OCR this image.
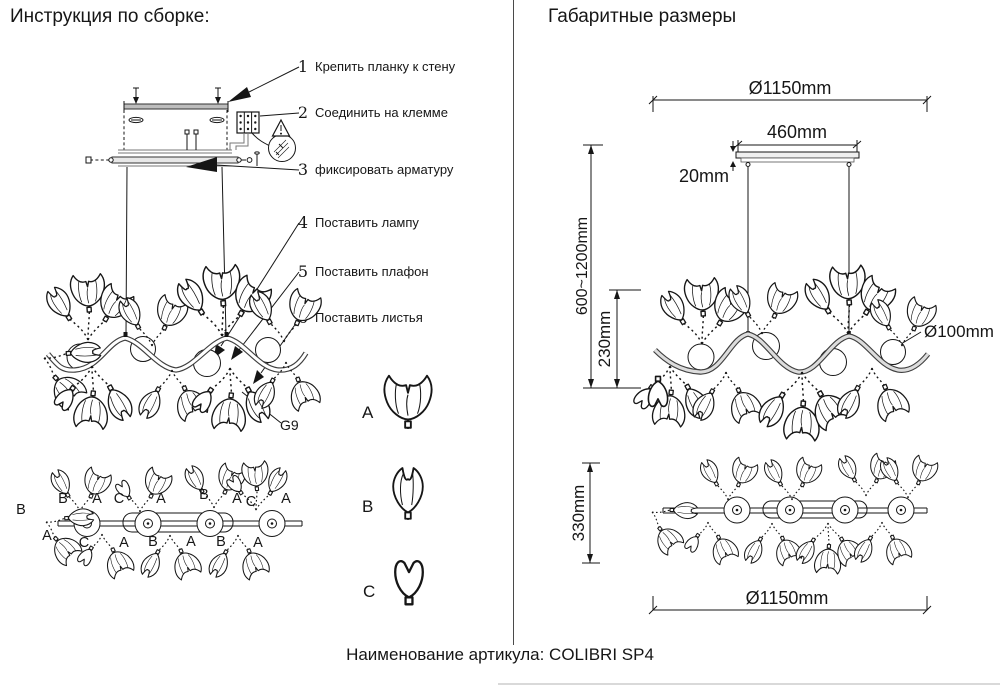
Инструкция по сборке:	Габаритные размеры
1 Крепить планку к стену
2 Соединить на клемме
3 фиксировать арматуру
4 Поставить лампу
5 Поставить плафон
Поставить листья
G9
B A C A B A C A
B
A C A B A B A
A
B
C
Ø1150mm
460mm
20mm
600~1200mm
230mm	Ø100mm
330mm
Ø1150mm
Наименование артикула: COLIBRI SP4
